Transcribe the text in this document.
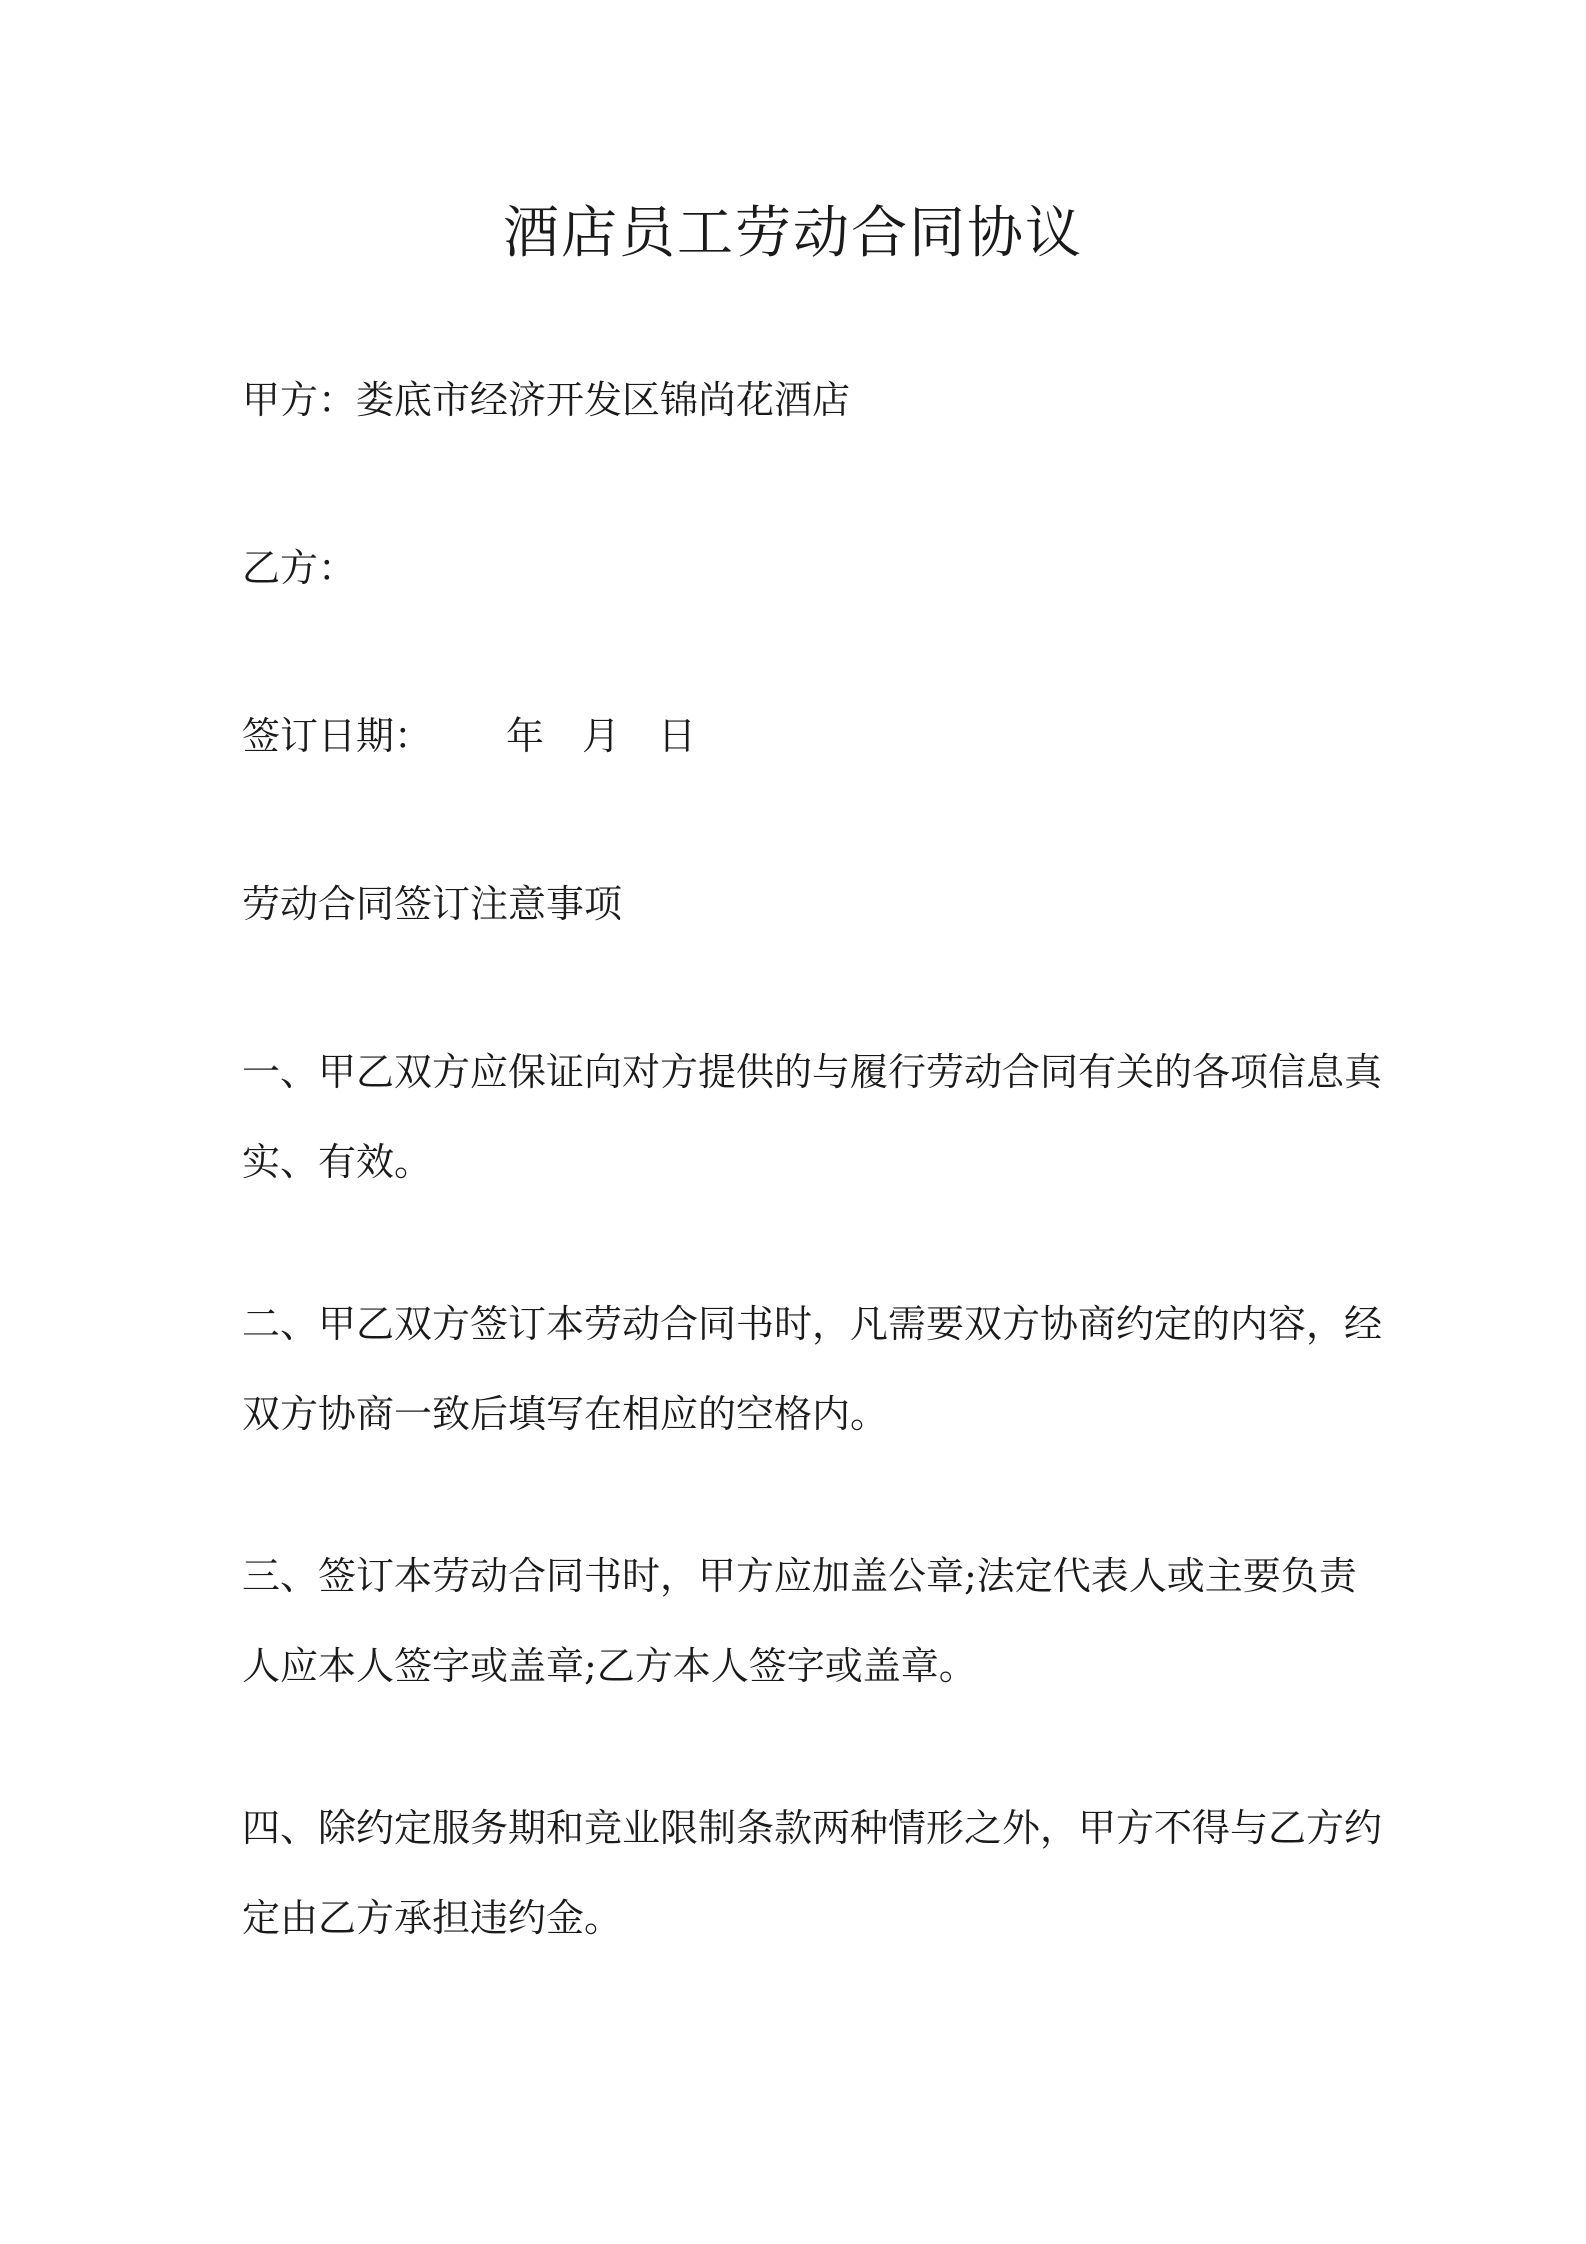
酒店员工劳动合同协议

甲方：娄底市经济开发区锦尚花酒店

乙方：

签订日期： 年 月 日

劳动合同签订注意事项

一、甲乙双方应保证向对方提供的与履行劳动合同有关的各项信息真
实、有效。
二、甲乙双方签订本劳动合同书时，凡需要双方协商约定的内容，经
双方协商一致后填写在相应的空格内。
三、签订本劳动合同书时，甲方应加盖公章;法定代表人或主要负责
人应本人签字或盖章;乙方本人签字或盖章。
四、除约定服务期和竞业限制条款两种情形之外，甲方不得与乙方约
定由乙方承担违约金。
